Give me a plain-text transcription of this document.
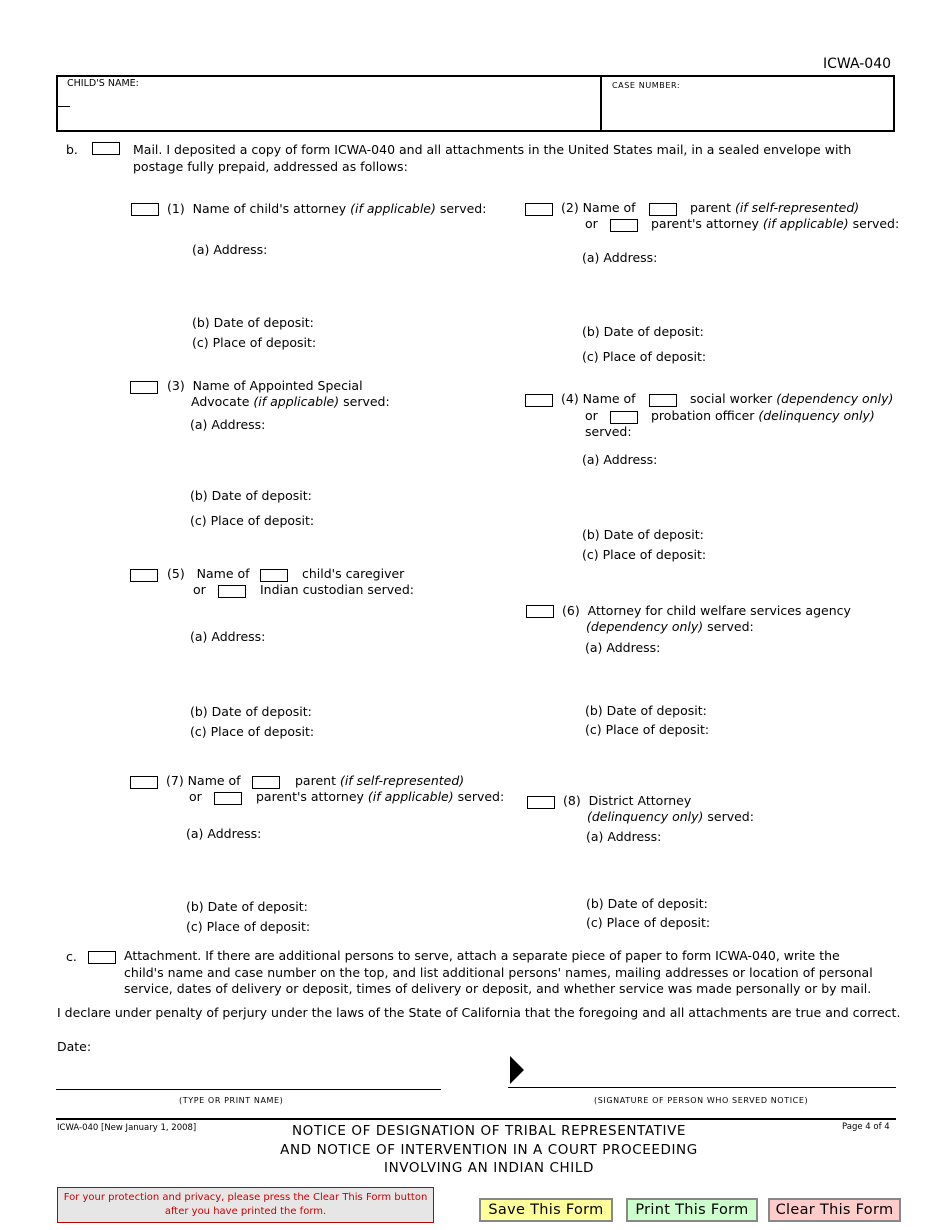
ICWA-040
CHILD'S NAME:	CASE NUMBER:
b.	Mail. I deposited a copy of form ICWA-040 and all attachments in the United States mail, in a sealed envelope with postage fully prepaid, addressed as follows:
(1) Name of child's attorney (if applicable) served:
(a) Address:
(b) Date of deposit:
(c) Place of deposit:
(2) Name of	parent (if self-represented)
or	parent's attorney (if applicable) served:
(a) Address:
(b) Date of deposit:
(c) Place of deposit:
(3) Name of Appointed Special
Advocate (if applicable) served:
(a) Address:
(b) Date of deposit:
(c) Place of deposit:
(4) Name of	social worker (dependency only)
or	probation officer (delinquency only)
served:
(a) Address:
(b) Date of deposit:
(c) Place of deposit:
(5) Name of	child's caregiver
or	Indian custodian served:
(a) Address:
(b) Date of deposit:
(c) Place of deposit:
(6) Attorney for child welfare services agency
(dependency only) served:
(a) Address:
(b) Date of deposit:
(c) Place of deposit:
(7) Name of	parent (if self-represented)
or	parent's attorney (if applicable) served:
(a) Address:
(b) Date of deposit:
(c) Place of deposit:
(8) District Attorney
(delinquency only) served:
(a) Address:
(b) Date of deposit:
(c) Place of deposit:
c.	Attachment. If there are additional persons to serve, attach a separate piece of paper to form ICWA-040, write the child's name and case number on the top, and list additional persons' names, mailing addresses or location of personal service, dates of delivery or deposit, times of delivery or deposit, and whether service was made personally or by mail.
I declare under penalty of perjury under the laws of the State of California that the foregoing and all attachments are true and correct.
Date:
(TYPE OR PRINT NAME)	(SIGNATURE OF PERSON WHO SERVED NOTICE)
ICWA-040 [New January 1, 2008]	Page 4 of 4
NOTICE OF DESIGNATION OF TRIBAL REPRESENTATIVE
AND NOTICE OF INTERVENTION IN A COURT PROCEEDING
INVOLVING AN INDIAN CHILD
For your protection and privacy, please press the Clear This Form button after you have printed the form.	Save This Form	Print This Form	Clear This Form
